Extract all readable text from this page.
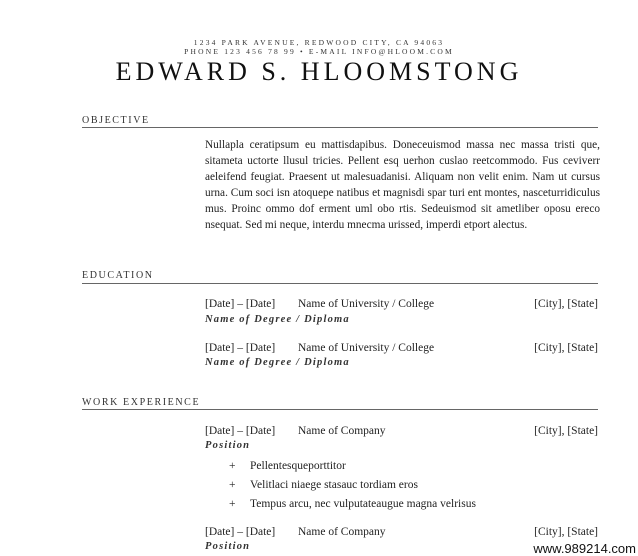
1234 PARK AVENUE, REDWOOD CITY, CA 94063
PHONE 123 456 78 99 • E-MAIL INFO@HLOOM.COM
EDWARD S. HLOOMSTONG
OBJECTIVE
Nullapla ceratipsum eu mattisdapibus. Doneceuismod massa nec massa tristi que, sitameta uctorte llusul tricies. Pellent esq uerhon cuslao reetcommodo. Fus ceviverr aeleifend feugiat. Praesent ut malesuadanisi. Aliquam non velit enim. Nam ut cursus urna. Cum soci isn atoquepe natibus et magnisdi spar turi ent montes, nasceturridiculus mus. Proinc ommo dof erment uml obo rtis. Sedeuismod sit ametliber oposu ereco nsequat. Sed mi neque, interdu mnecma urissed, imperdi etport alectus.
EDUCATION
[Date] – [Date] Name of University / College	[City], [State]
Name of Degree / Diploma
[Date] – [Date] Name of University / College	[City], [State]
Name of Degree / Diploma
WORK EXPERIENCE
[Date] – [Date] Name of Company	[City], [State]
Position
+ Pellentesqueporttitor
+ Velitlaci niaege stasauc tordiam eros
+ Tempus arcu, nec vulputateaugue magna velrisus
[Date] – [Date] Name of Company	[City], [State]
Position	www.989214.com
